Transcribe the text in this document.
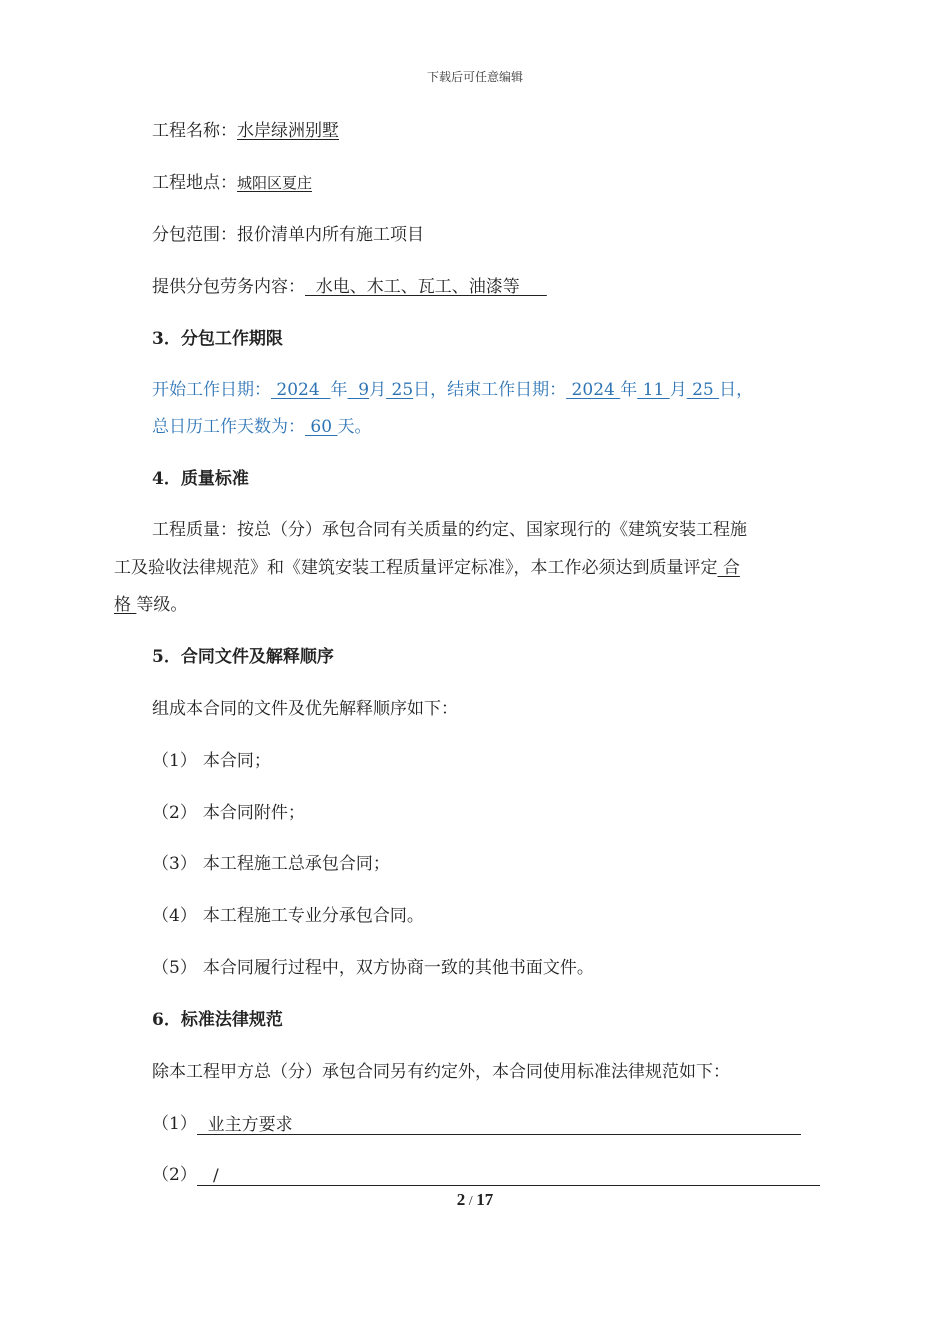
下载后可任意编辑
工程名称：水岸绿洲别墅
工程地点：城阳区夏庄
分包范围：报价清单内所有施工项目
提供分包劳务内容：  水电、木工、瓦工、油漆等
3．分包工作期限
开始工作日期： 2024  年  9月 25日，结束工作日期： 2024 年 11 月 25 日，
总日历工作天数为： 60 天。
4．质量标准
工程质量：按总（分）承包合同有关质量的约定、国家现行的《建筑安装工程施
工及验收法律规范》和《建筑安装工程质量评定标准》，本工作必须达到质量评定 合
格 等级。
5．合同文件及解释顺序
组成本合同的文件及优先解释顺序如下：
（1） 本合同；
（2） 本合同附件；
（3） 本工程施工总承包合同；
（4） 本工程施工专业分承包合同。
（5） 本合同履行过程中，双方协商一致的其他书面文件。
6．标准法律规范
除本工程甲方总（分）承包合同另有约定外，本合同使用标准法律规范如下：
（1）  业主方要求
（2）   /
2 / 17
